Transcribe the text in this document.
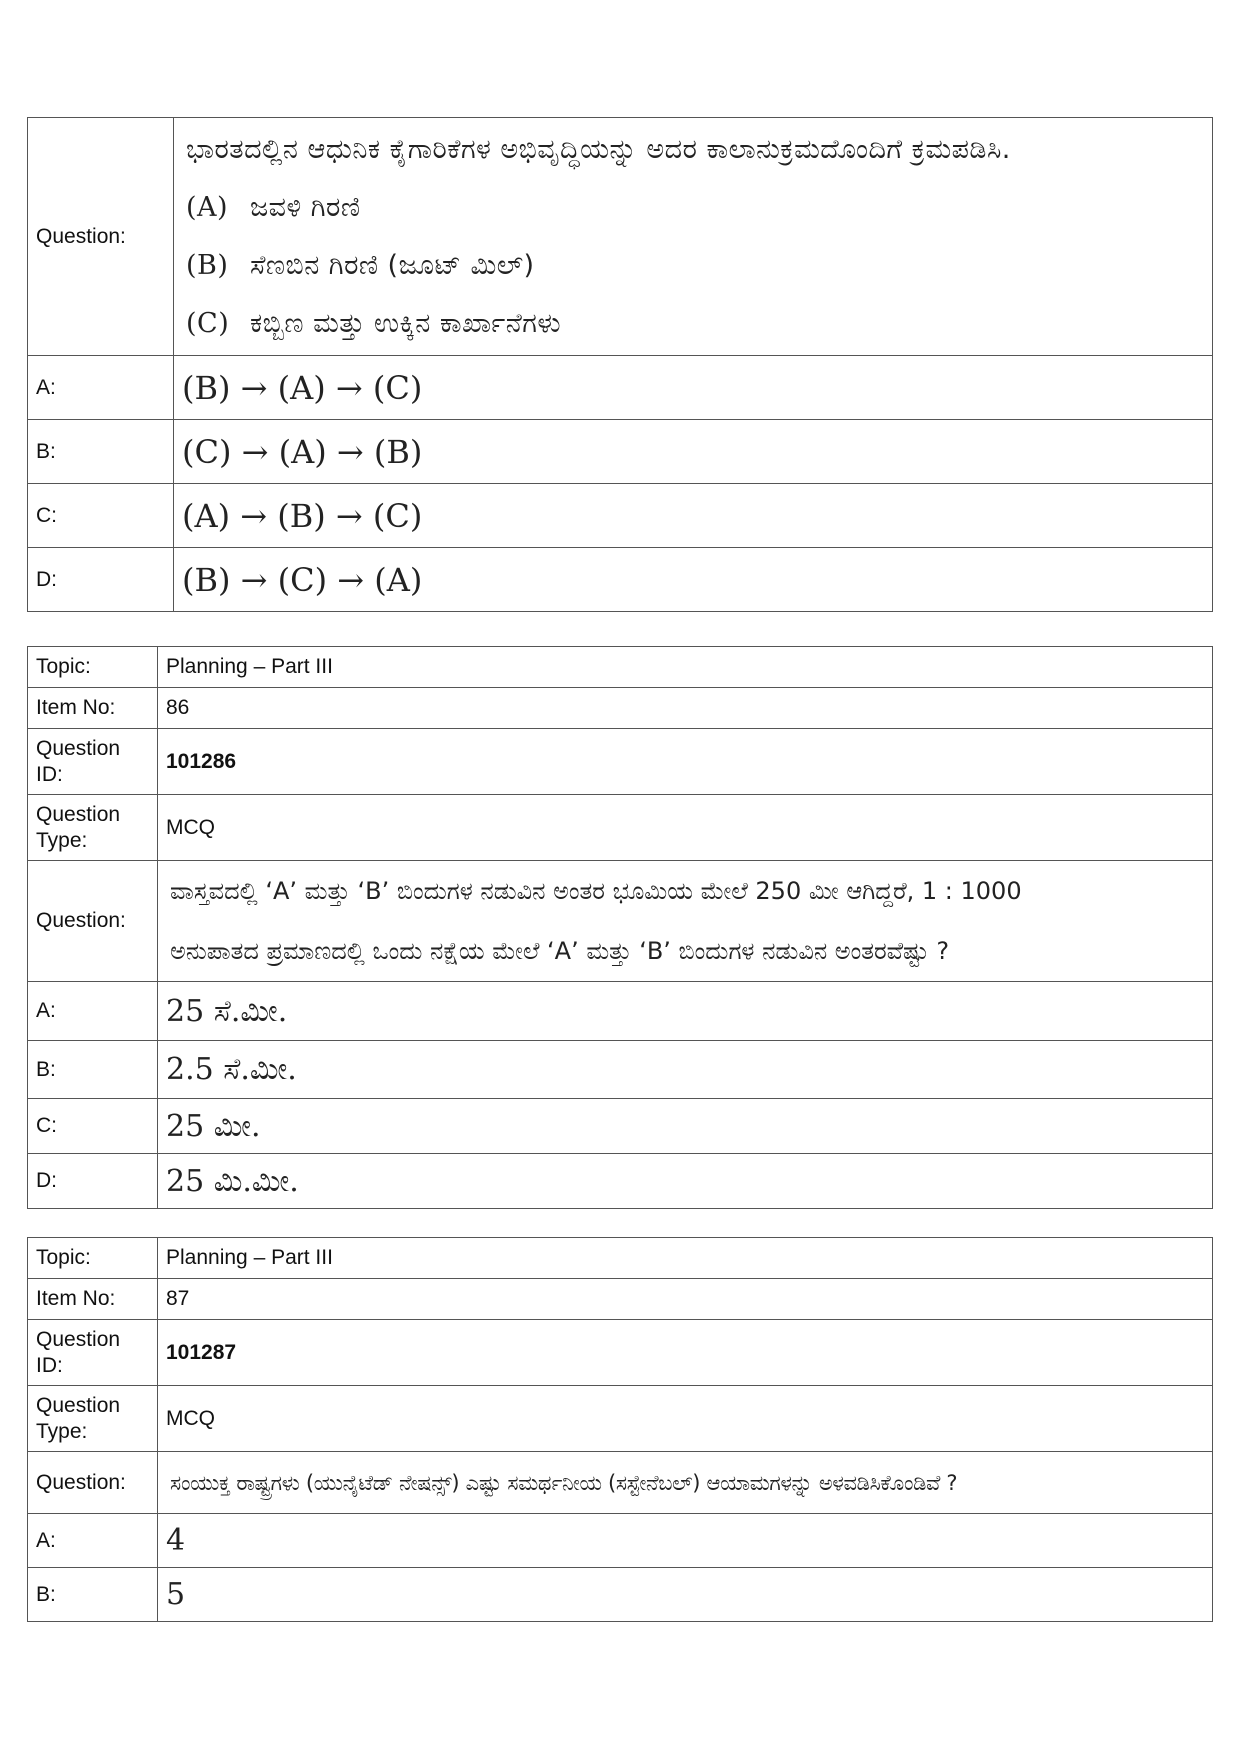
Question:	ಭಾರತದಲ್ಲಿನ ಆಧುನಿಕ ಕೈಗಾರಿಕೆಗಳ ಅಭಿವೃದ್ಧಿಯನ್ನು ಅದರ ಕಾಲಾನುಕ್ರಮದೊಂದಿಗೆ ಕ್ರಮಪಡಿಸಿ.
(A) ಜವಳಿ ಗಿರಣಿ
(B) ಸೆಣಬಿನ ಗಿರಣಿ (ಜೂಟ್ ಮಿಲ್)
(C) ಕಬ್ಬಿಣ ಮತ್ತು ಉಕ್ಕಿನ ಕಾರ್ಖಾನೆಗಳು

A:	(B) → (A) → (C)
B:	(C) → (A) → (B)
C:	(A) → (B) → (C)
D:	(B) → (C) → (A)
Topic:	Planning – Part III
Item No:	86
Question ID:	101286
Question Type:	MCQ
Question:	ವಾಸ್ತವದಲ್ಲಿ ‘A’ ಮತ್ತು ‘B’ ಬಿಂದುಗಳ ನಡುವಿನ ಅಂತರ ಭೂಮಿಯ ಮೇಲೆ 250 ಮೀ ಆಗಿದ್ದರೆ, 1 : 1000
ಅನುಪಾತದ ಪ್ರಮಾಣದಲ್ಲಿ ಒಂದು ನಕ್ಷೆಯ ಮೇಲೆ ‘A’ ಮತ್ತು ‘B’ ಬಿಂದುಗಳ ನಡುವಿನ ಅಂತರವೆಷ್ಟು ?

A:	25 ಸೆ.ಮೀ.
B:	2.5 ಸೆ.ಮೀ.
C:	25 ಮೀ.
D:	25 ಮಿ.ಮೀ.
Topic:	Planning – Part III
Item No:	87
Question ID:	101287
Question Type:	MCQ
Question:	ಸಂಯುಕ್ತ ರಾಷ್ಟ್ರಗಳು (ಯುನೈಟೆಡ್ ನೇಷನ್ಸ್) ಎಷ್ಟು ಸಮರ್ಥನೀಯ (ಸಸ್ಟೇನೆಬಲ್) ಆಯಾಮಗಳನ್ನು ಅಳವಡಿಸಿಕೊಂಡಿವೆ ?

A:	4
B:	5
